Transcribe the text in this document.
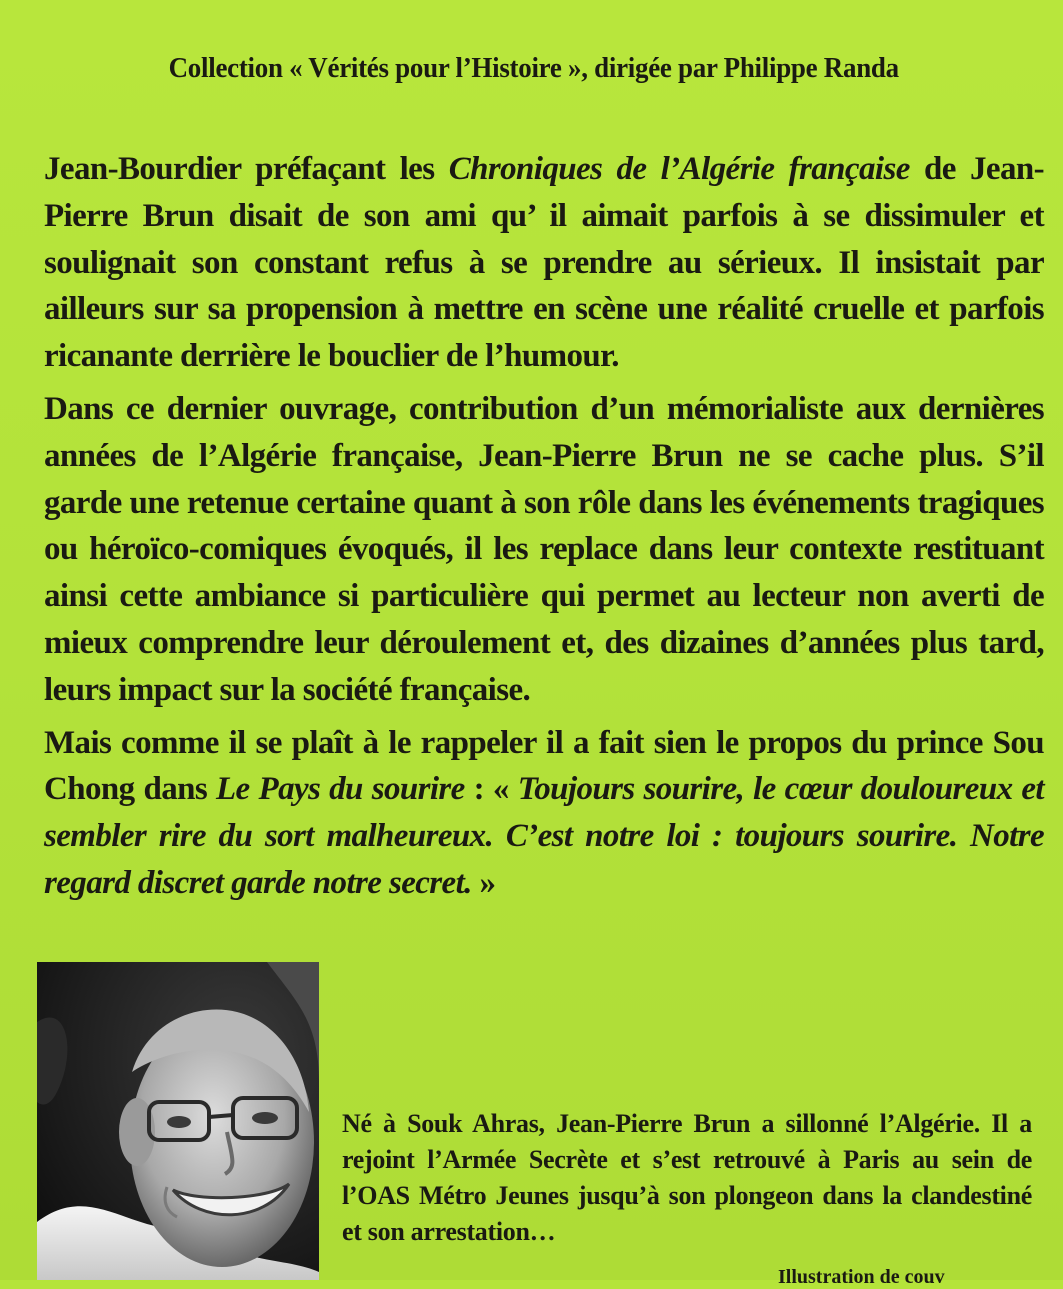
Collection « Vérités pour l’Histoire », dirigée par Philippe Randa

Jean-Bourdier préfaçant les Chroniques de l’Algérie française de Jean-Pierre Brun disait de son ami qu’ il aimait parfois à se dissimuler et soulignait son constant refus à se prendre au sérieux. Il insistait par ailleurs sur sa propension à mettre en scène une réalité cruelle et parfois ricanante derrière le bouclier de l’humour.

Dans ce dernier ouvrage, contribution d’un mémorialiste aux dernières années de l’Algérie française, Jean-Pierre Brun ne se cache plus. S’il garde une retenue certaine quant à son rôle dans les événements tragiques ou héroïco-comiques évoqués, il les replace dans leur contexte restituant ainsi cette ambiance si particulière qui permet au lecteur non averti de mieux comprendre leur déroulement et, des dizaines d’années plus tard, leurs impact sur la société française.

Mais comme il se plaît à le rappeler il a fait sien le propos du prince Sou Chong dans Le Pays du sourire : « Toujours sourire, le cœur douloureux et sembler rire du sort malheureux. C’est notre loi : toujours sourire. Notre regard discret garde notre secret. »

Né à Souk Ahras, Jean-Pierre Brun a sillonné l’Algérie. Il a rejoint l’Armée Secrète et s’est retrouvé à Paris au sein de l’OAS Métro Jeunes jusqu’à son plongeon dans la clandestiné et son arrestation…
Illustration de couv
